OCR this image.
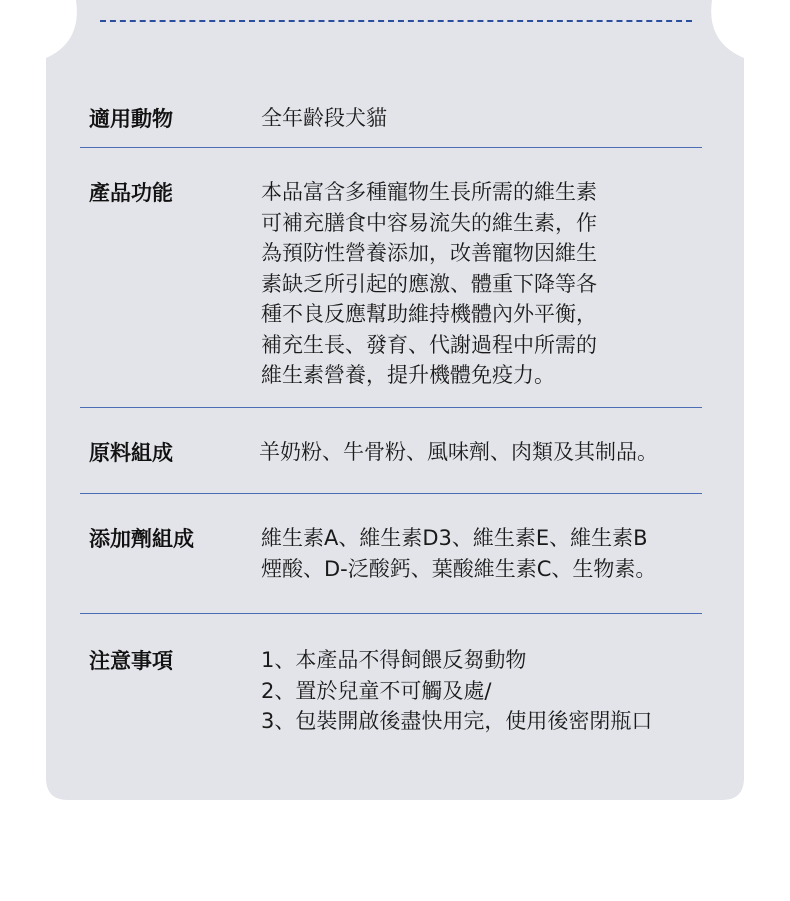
適用動物	全年齡段犬貓
產品功能	本品富含多種寵物生長所需的維生素
可補充膳食中容易流失的維生素，作
為預防性營養添加，改善寵物因維生
素缺乏所引起的應激、體重下降等各
種不良反應幫助維持機體內外平衡，
補充生長、發育、代謝過程中所需的
維生素營養，提升機體免疫力。
原料組成	羊奶粉、牛骨粉、風味劑、肉類及其制品。
添加劑組成	維生素A、維生素D3、維生素E、維生素B
煙酸、D-泛酸鈣、葉酸維生素C、生物素。
注意事項	1、本產品不得飼餵反芻動物
2、置於兒童不可觸及處/
3、包裝開啟後盡快用完，使用後密閉瓶口
